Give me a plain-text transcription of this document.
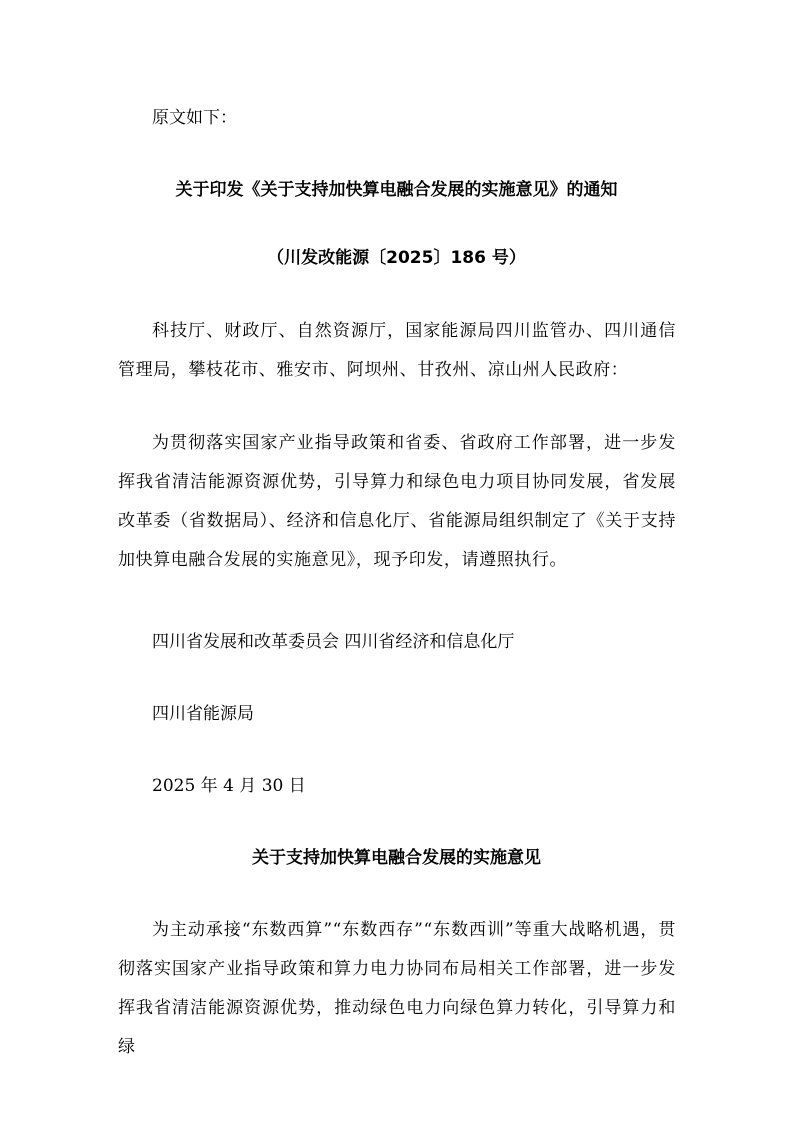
原文如下：
关于印发《关于支持加快算电融合发展的实施意见》的通知
（川发改能源〔2025〕186 号）
科技厅、财政厅、自然资源厅，国家能源局四川监管办、四川通信管理局，攀枝花市、雅安市、阿坝州、甘孜州、凉山州人民政府：
为贯彻落实国家产业指导政策和省委、省政府工作部署，进一步发挥我省清洁能源资源优势，引导算力和绿色电力项目协同发展，省发展改革委（省数据局）、经济和信息化厅、省能源局组织制定了《关于支持加快算电融合发展的实施意见》，现予印发，请遵照执行。
四川省发展和改革委员会 四川省经济和信息化厅
四川省能源局
2025 年 4 月 30 日
关于支持加快算电融合发展的实施意见
为主动承接“东数西算”“东数西存”“东数西训”等重大战略机遇，贯彻落实国家产业指导政策和算力电力协同布局相关工作部署，进一步发挥我省清洁能源资源优势，推动绿色电力向绿色算力转化，引导算力和绿
